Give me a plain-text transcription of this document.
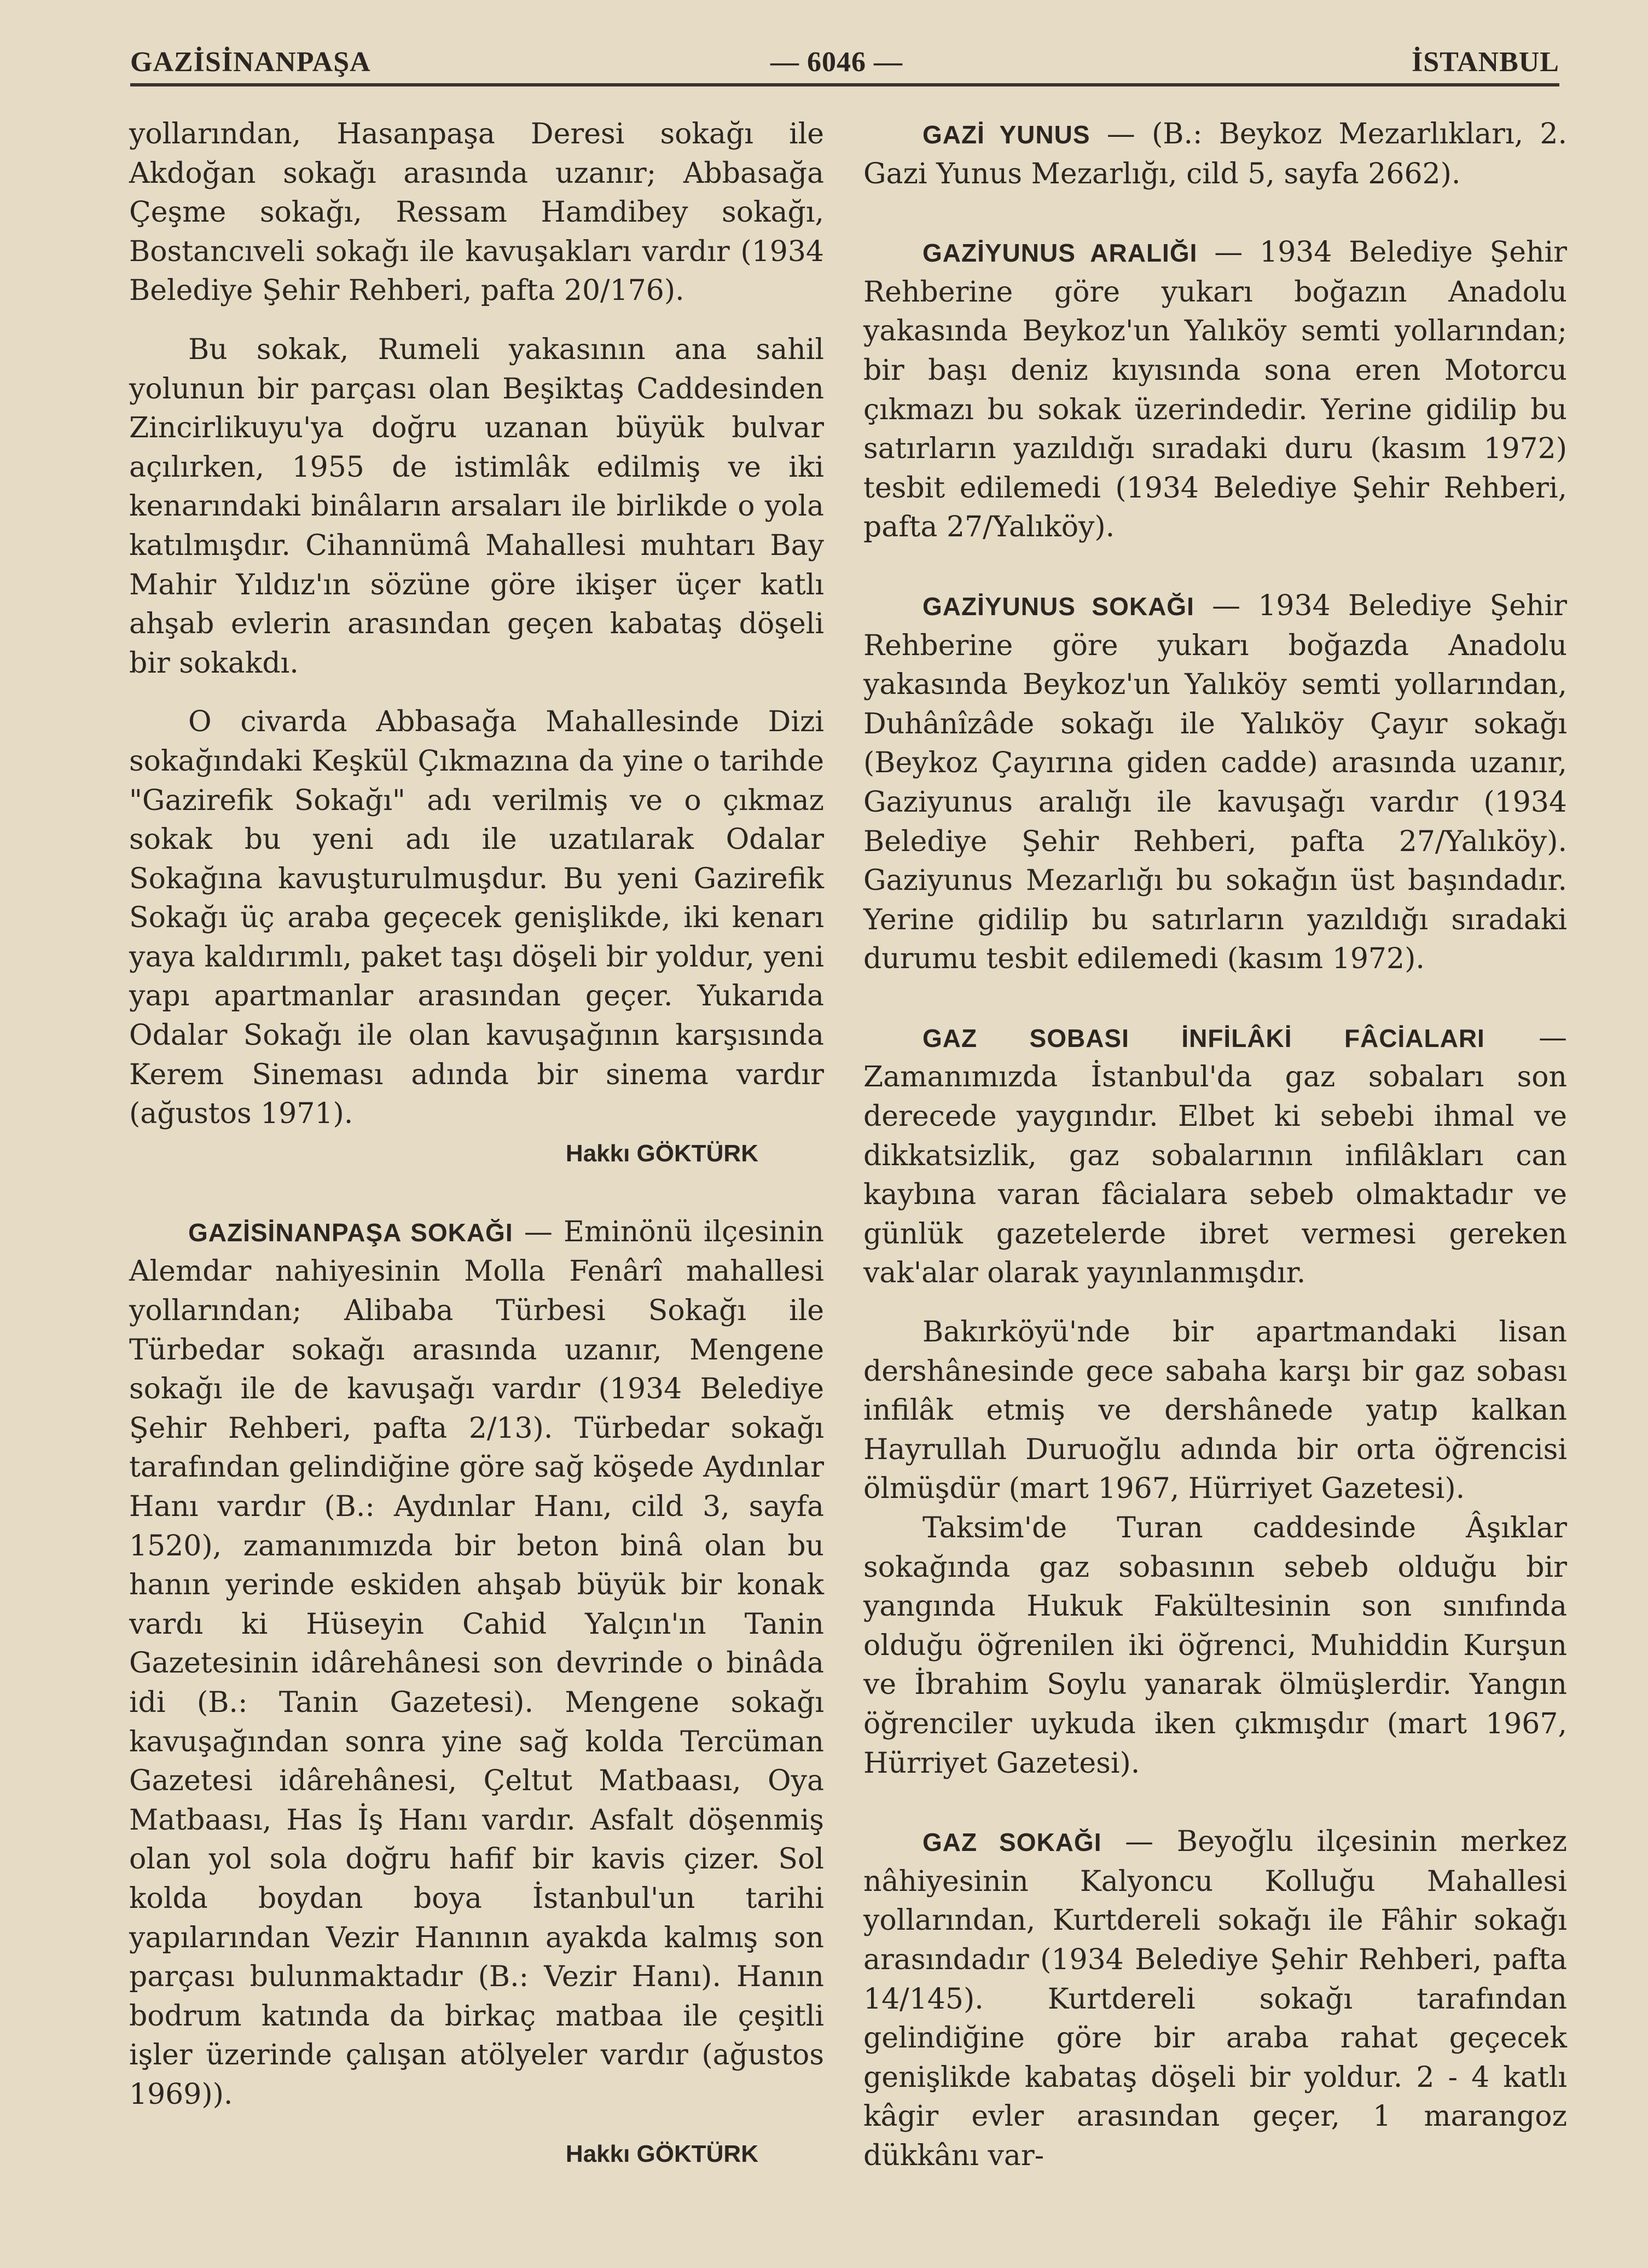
GAZİSİNANPAŞA	— 6046 —	İSTANBUL

yollarından, Hasanpaşa Deresi sokağı ile Akdoğan sokağı arasında uzanır; Abbasağa Çeşme sokağı, Ressam Hamdibey sokağı, Bostancıveli sokağı ile kavuşakları vardır (1934 Belediye Şehir Rehberi, pafta 20/176).

Bu sokak, Rumeli yakasının ana sahil yolunun bir parçası olan Beşiktaş Caddesinden Zincirlikuyu'ya doğru uzanan büyük bulvar açılırken, 1955 de istimlâk edilmiş ve iki kenarındaki binâların arsaları ile birlikde o yola katılmışdır. Cihannümâ Mahallesi muhtarı Bay Mahir Yıldız'ın sözüne göre ikişer üçer katlı ahşab evlerin arasından geçen kabataş döşeli bir sokakdı.

O civarda Abbasağa Mahallesinde Dizi sokağındaki Keşkül Çıkmazına da yine o tarihde "Gazirefik Sokağı" adı verilmiş ve o çıkmaz sokak bu yeni adı ile uzatılarak Odalar Sokağına kavuşturulmuşdur. Bu yeni Gazirefik Sokağı üç araba geçecek genişlikde, iki kenarı yaya kaldırımlı, paket taşı döşeli bir yoldur, yeni yapı apartmanlar arasından geçer. Yukarıda Odalar Sokağı ile olan kavuşağının karşısında Kerem Sineması adında bir sinema vardır (ağustos 1971).

Hakkı GÖKTÜRK

GAZİSİNANPAŞA SOKAĞI — Eminönü ilçesinin Alemdar nahiyesinin Molla Fenârî mahallesi yollarından; Alibaba Türbesi Sokağı ile Türbedar sokağı arasında uzanır, Mengene sokağı ile de kavuşağı vardır (1934 Belediye Şehir Rehberi, pafta 2/13). Türbedar sokağı tarafından gelindiğine göre sağ köşede Aydınlar Hanı vardır (B.: Aydınlar Hanı, cild 3, sayfa 1520), zamanımızda bir beton binâ olan bu hanın yerinde eskiden ahşab büyük bir konak vardı ki Hüseyin Cahid Yalçın'ın Tanin Gazetesinin idârehânesi son devrinde o binâda idi (B.: Tanin Gazetesi). Mengene sokağı kavuşağından sonra yine sağ kolda Tercüman Gazetesi idârehânesi, Çeltut Matbaası, Oya Matbaası, Has İş Hanı vardır. Asfalt döşenmiş olan yol sola doğru hafif bir kavis çizer. Sol kolda boydan boya İstanbul'un tarihi yapılarından Vezir Hanının ayakda kalmış son parçası bulunmaktadır (B.: Vezir Hanı). Hanın bodrum katında da birkaç matbaa ile çeşitli işler üzerinde çalışan atölyeler vardır (ağustos 1969)).

Hakkı GÖKTÜRK

GAZİ YUNUS — (B.: Beykoz Mezarlıkları, 2. Gazi Yunus Mezarlığı, cild 5, sayfa 2662).

GAZİYUNUS ARALIĞI — 1934 Belediye Şehir Rehberine göre yukarı boğazın Anadolu yakasında Beykoz'un Yalıköy semti yollarından; bir başı deniz kıyısında sona eren Motorcu çıkmazı bu sokak üzerindedir. Yerine gidilip bu satırların yazıldığı sıradaki duru (kasım 1972) tesbit edilemedi (1934 Belediye Şehir Rehberi, pafta 27/Yalıköy).

GAZİYUNUS SOKAĞI — 1934 Belediye Şehir Rehberine göre yukarı boğazda Anadolu yakasında Beykoz'un Yalıköy semti yollarından, Duhânîzâde sokağı ile Yalıköy Çayır sokağı (Beykoz Çayırına giden cadde) arasında uzanır, Gaziyunus aralığı ile kavuşağı vardır (1934 Belediye Şehir Rehberi, pafta 27/Yalıköy). Gaziyunus Mezarlığı bu sokağın üst başındadır. Yerine gidilip bu satırların yazıldığı sıradaki durumu tesbit edilemedi (kasım 1972).

GAZ SOBASI İNFİLÂKİ FÂCİALARI — Zamanımızda İstanbul'da gaz sobaları son derecede yaygındır. Elbet ki sebebi ihmal ve dikkatsizlik, gaz sobalarının infilâkları can kaybına varan fâcialara sebeb olmaktadır ve günlük gazetelerde ibret vermesi gereken vak'alar olarak yayınlanmışdır.

Bakırköyü'nde bir apartmandaki lisan dershânesinde gece sabaha karşı bir gaz sobası infilâk etmiş ve dershânede yatıp kalkan Hayrullah Duruoğlu adında bir orta öğrencisi ölmüşdür (mart 1967, Hürriyet Gazetesi).

Taksim'de Turan caddesinde Âşıklar sokağında gaz sobasının sebeb olduğu bir yangında Hukuk Fakültesinin son sınıfında olduğu öğrenilen iki öğrenci, Muhiddin Kurşun ve İbrahim Soylu yanarak ölmüşlerdir. Yangın öğrenciler uykuda iken çıkmışdır (mart 1967, Hürriyet Gazetesi).

GAZ SOKAĞI — Beyoğlu ilçesinin merkez nâhiyesinin Kalyoncu Kolluğu Mahallesi yollarından, Kurtdereli sokağı ile Fâhir sokağı arasındadır (1934 Belediye Şehir Rehberi, pafta 14/145). Kurtdereli sokağı tarafından gelindiğine göre bir araba rahat geçecek genişlikde kabataş döşeli bir yoldur. 2 - 4 katlı kâgir evler arasından geçer, 1 marangoz dükkânı var-
